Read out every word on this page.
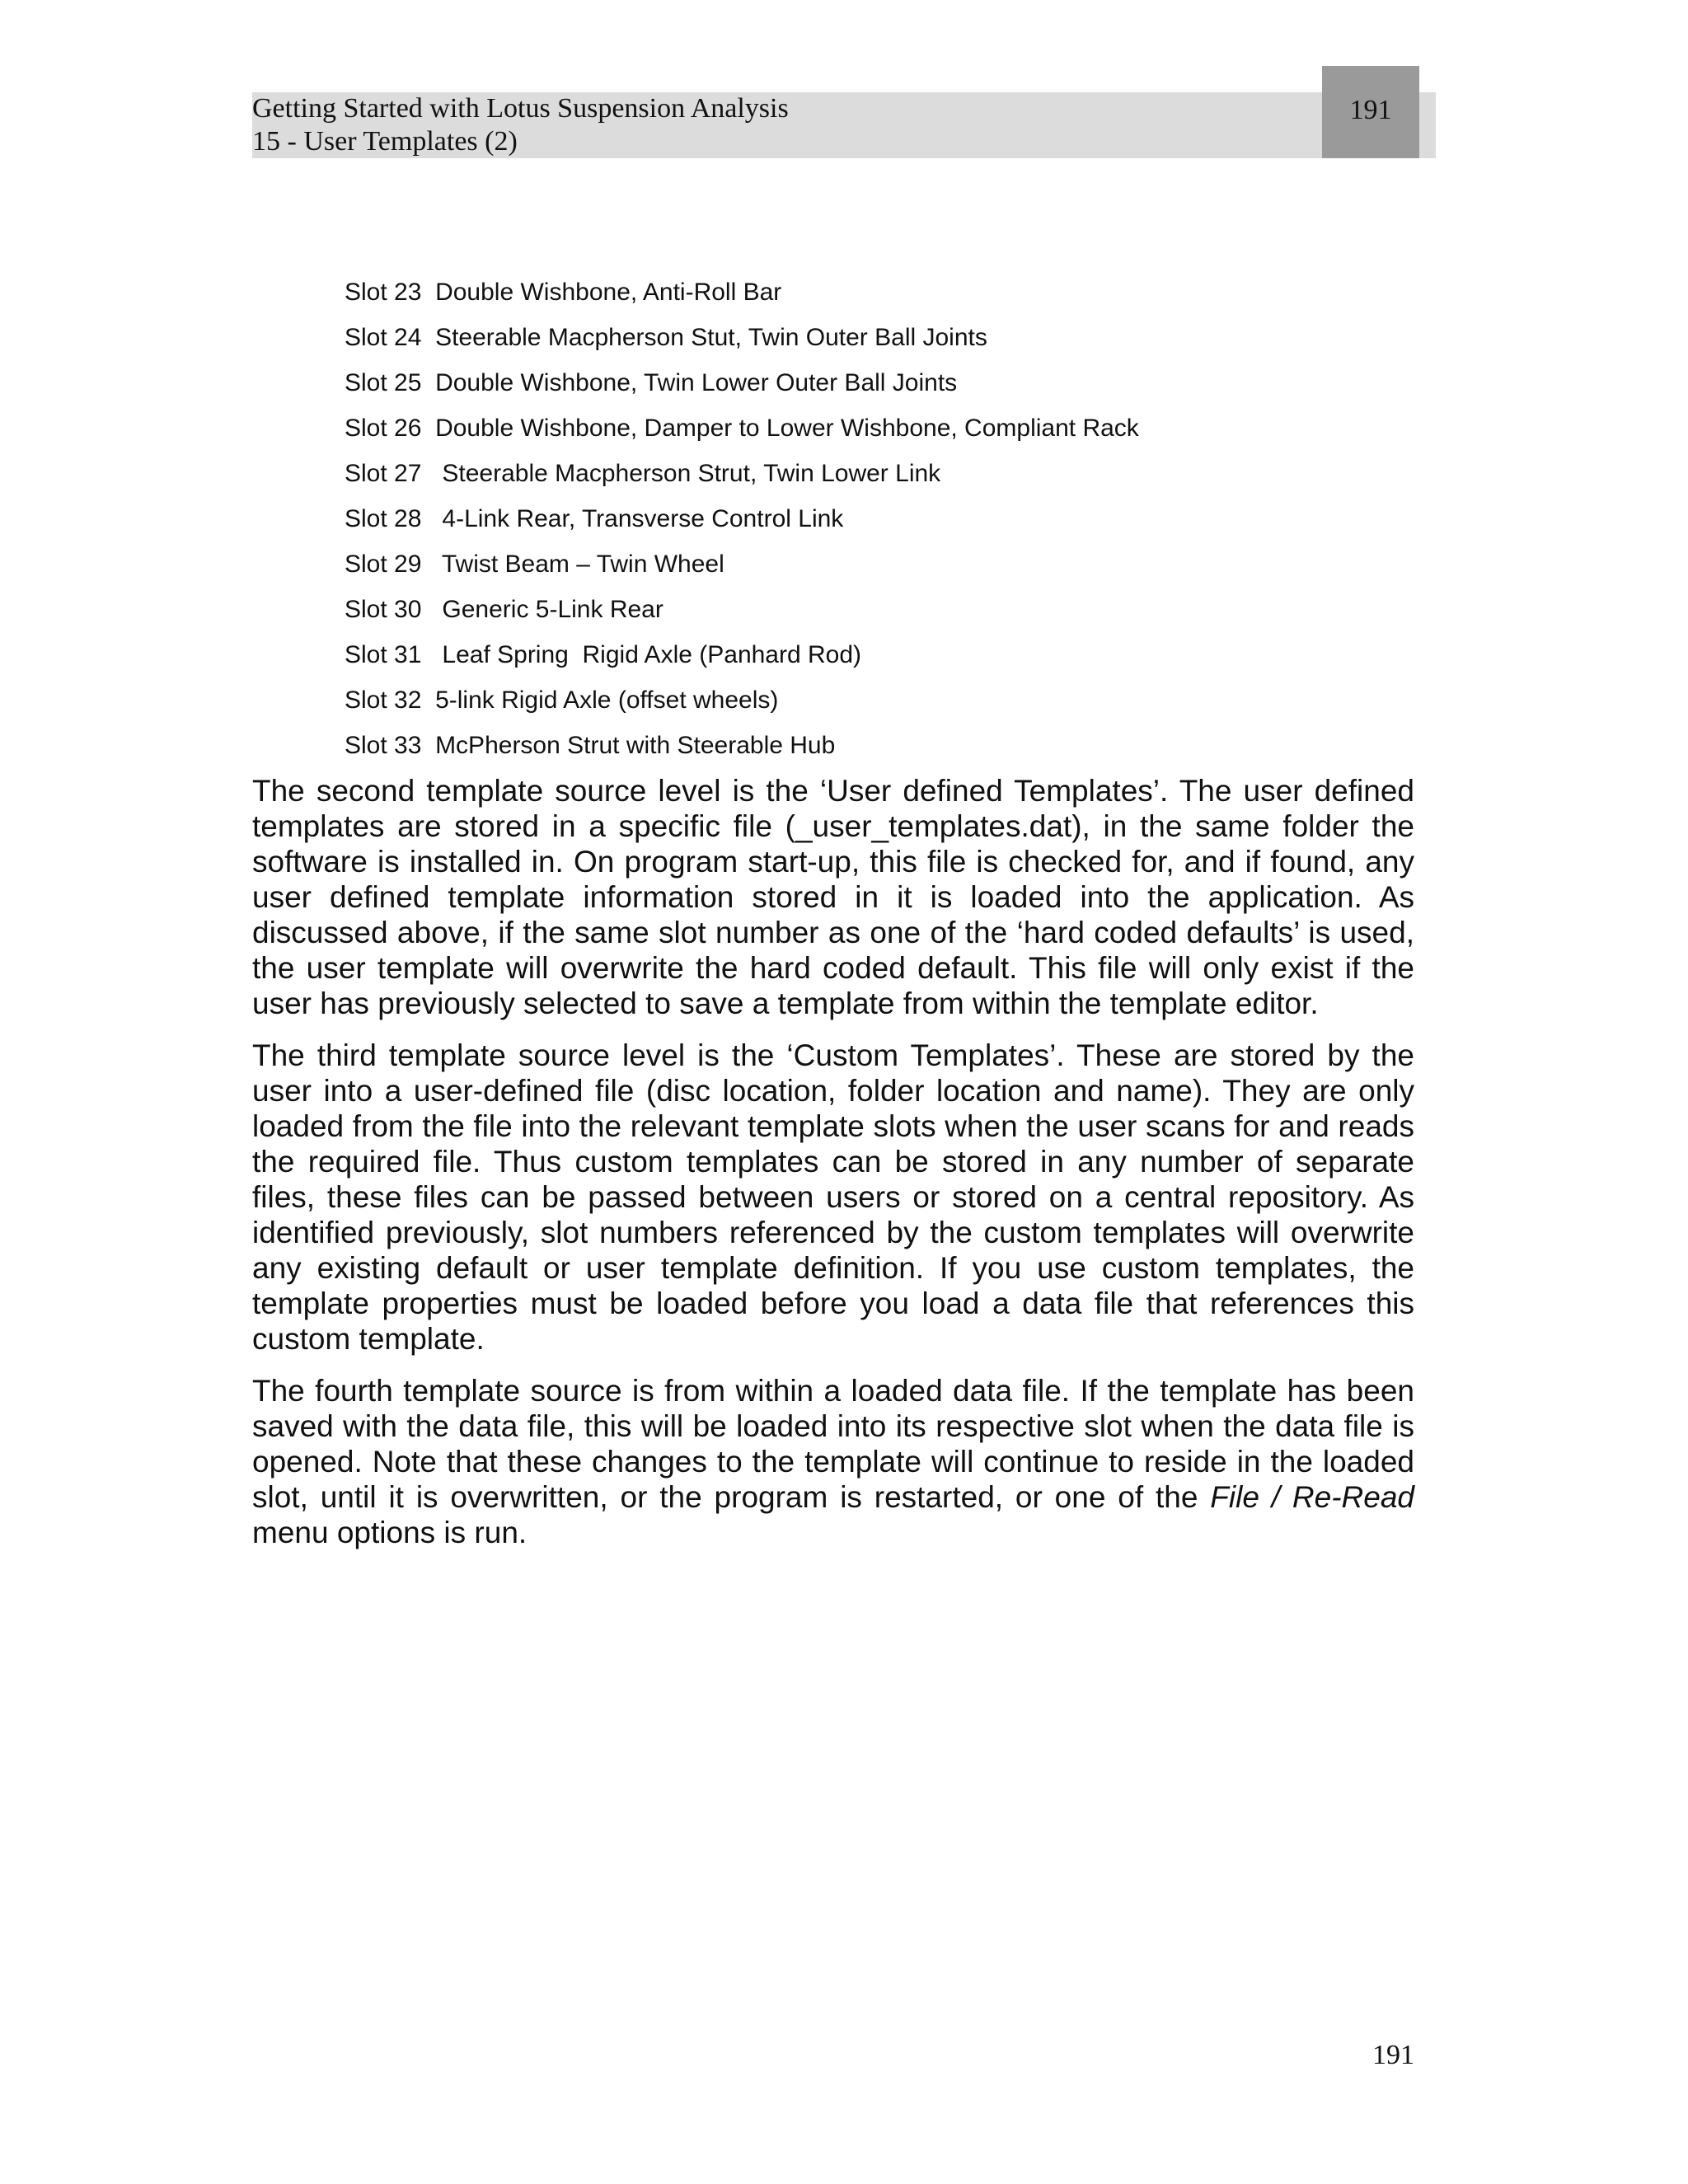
Getting Started with Lotus Suspension Analysis
15 - User Templates (2)
191
Slot 23  Double Wishbone, Anti-Roll Bar
Slot 24  Steerable Macpherson Stut, Twin Outer Ball Joints
Slot 25  Double Wishbone, Twin Lower Outer Ball Joints
Slot 26  Double Wishbone, Damper to Lower Wishbone, Compliant Rack
Slot 27   Steerable Macpherson Strut, Twin Lower Link
Slot 28   4-Link Rear, Transverse Control Link
Slot 29   Twist Beam – Twin Wheel
Slot 30   Generic 5-Link Rear
Slot 31   Leaf Spring  Rigid Axle (Panhard Rod)
Slot 32  5-link Rigid Axle (offset wheels)
Slot 33  McPherson Strut with Steerable Hub

The second template source level is the ‘User defined Templates’. The user defined templates are stored in a specific file (_user_templates.dat), in the same folder the software is installed in. On program start-up, this file is checked for, and if found, any user defined template information stored in it is loaded into the application. As discussed above, if the same slot number as one of the ‘hard coded defaults’ is used, the user template will overwrite the hard coded default. This file will only exist if the user has previously selected to save a template from within the template editor.

The third template source level is the ‘Custom Templates’. These are stored by the user into a user-defined file (disc location, folder location and name). They are only loaded from the file into the relevant template slots when the user scans for and reads the required file. Thus custom templates can be stored in any number of separate files, these files can be passed between users or stored on a central repository. As identified previously, slot numbers referenced by the custom templates will overwrite any existing default or user template definition. If you use custom templates, the template properties must be loaded before you load a data file that references this custom template.

The fourth template source is from within a loaded data file. If the template has been saved with the data file, this will be loaded into its respective slot when the data file is opened. Note that these changes to the template will continue to reside in the loaded slot, until it is overwritten, or the program is restarted, or one of the File / Re-Read menu options is run.

191
